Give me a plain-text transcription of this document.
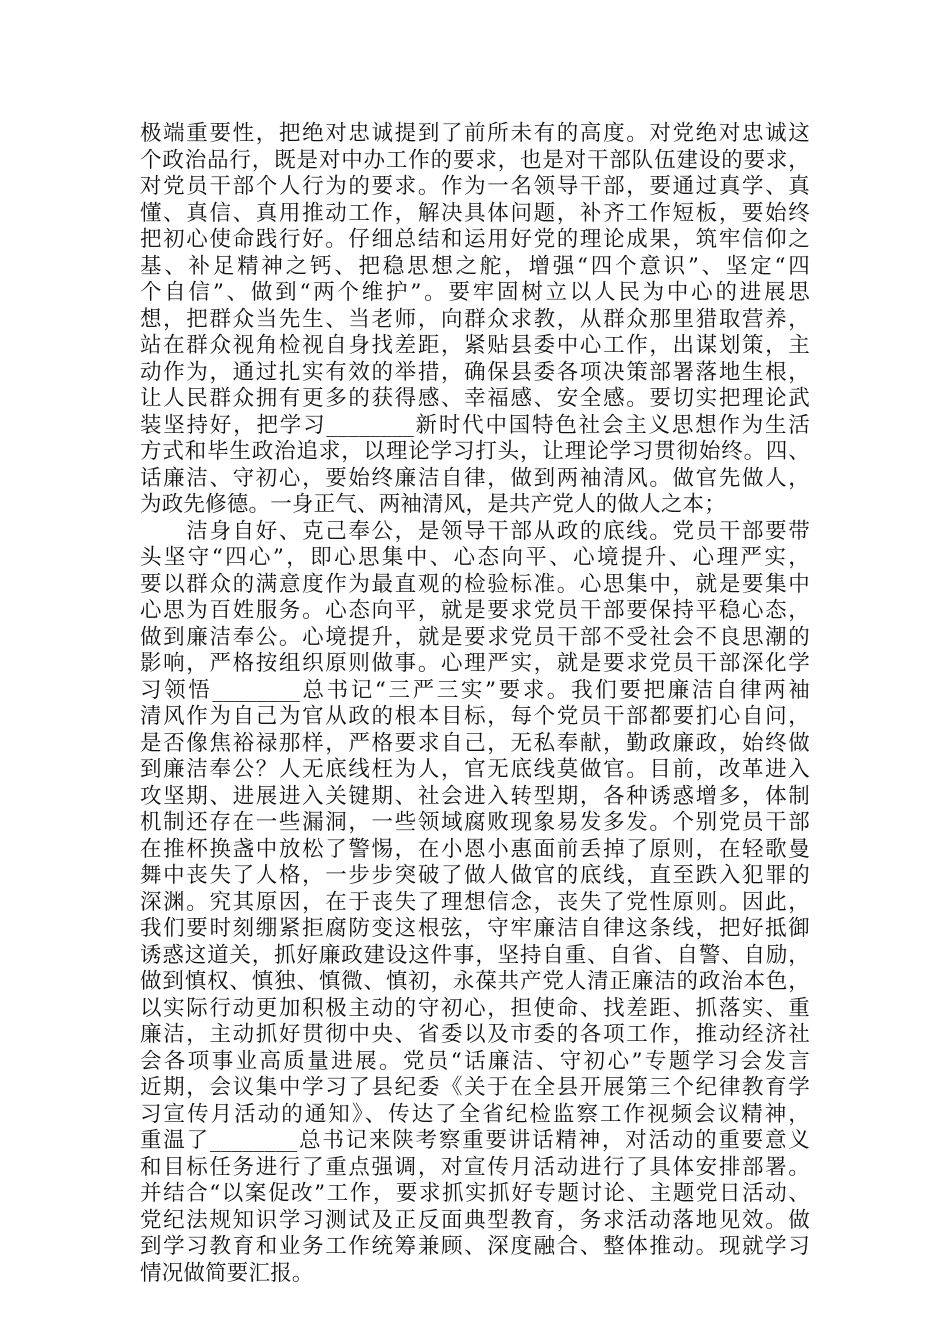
极端重要性，把绝对忠诚提到了前所未有的高度。对党绝对忠诚这
个政治品行，既是对中办工作的要求，也是对干部队伍建设的要求，
对党员干部个人行为的要求。作为一名领导干部，要通过真学、真
懂、真信、真用推动工作，解决具体问题，补齐工作短板，要始终
把初心使命践行好。仔细总结和运用好党的理论成果，筑牢信仰之
基、补足精神之钙、把稳思想之舵，增强“四个意识”、坚定“四
个自信”、做到“两个维护”。要牢固树立以人民为中心的进展思
想，把群众当先生、当老师，向群众求教，从群众那里猎取营养，
站在群众视角检视自身找差距，紧贴县委中心工作，出谋划策，主
动作为，通过扎实有效的举措，确保县委各项决策部署落地生根，
让人民群众拥有更多的获得感、幸福感、安全感。要切实把理论武
装坚持好，把学习________新时代中国特色社会主义思想作为生活
方式和毕生政治追求，以理论学习打头，让理论学习贯彻始终。四、
话廉洁、守初心，要始终廉洁自律，做到两袖清风。做官先做人，
为政先修德。一身正气、两袖清风，是共产党人的做人之本；
　　洁身自好、克己奉公，是领导干部从政的底线。党员干部要带
头坚守“四心”，即心思集中、心态向平、心境提升、心理严实，
要以群众的满意度作为最直观的检验标准。心思集中，就是要集中
心思为百姓服务。心态向平，就是要求党员干部要保持平稳心态，
做到廉洁奉公。心境提升，就是要求党员干部不受社会不良思潮的
影响，严格按组织原则做事。心理严实，就是要求党员干部深化学
习领悟________总书记“三严三实”要求。我们要把廉洁自律两袖
清风作为自己为官从政的根本目标，每个党员干部都要扪心自问，
是否像焦裕禄那样，严格要求自己，无私奉献，勤政廉政，始终做
到廉洁奉公？人无底线枉为人，官无底线莫做官。目前，改革进入
攻坚期、进展进入关键期、社会进入转型期，各种诱惑增多，体制
机制还存在一些漏洞，一些领域腐败现象易发多发。个别党员干部
在推杯换盏中放松了警惕，在小恩小惠面前丢掉了原则，在轻歌曼
舞中丧失了人格，一步步突破了做人做官的底线，直至跌入犯罪的
深渊。究其原因，在于丧失了理想信念，丧失了党性原则。因此，
我们要时刻绷紧拒腐防变这根弦，守牢廉洁自律这条线，把好抵御
诱惑这道关，抓好廉政建设这件事，坚持自重、自省、自警、自励，
做到慎权、慎独、慎微、慎初，永葆共产党人清正廉洁的政治本色，
以实际行动更加积极主动的守初心，担使命、找差距、抓落实、重
廉洁，主动抓好贯彻中央、省委以及市委的各项工作，推动经济社
会各项事业高质量进展。党员“话廉洁、守初心”专题学习会发言
近期，会议集中学习了县纪委《关于在全县开展第三个纪律教育学
习宣传月活动的通知》、传达了全省纪检监察工作视频会议精神，
重温了________总书记来陕考察重要讲话精神，对活动的重要意义
和目标任务进行了重点强调，对宣传月活动进行了具体安排部署。
并结合“以案促改”工作，要求抓实抓好专题讨论、主题党日活动、
党纪法规知识学习测试及正反面典型教育，务求活动落地见效。做
到学习教育和业务工作统筹兼顾、深度融合、整体推动。现就学习
情况做简要汇报。
